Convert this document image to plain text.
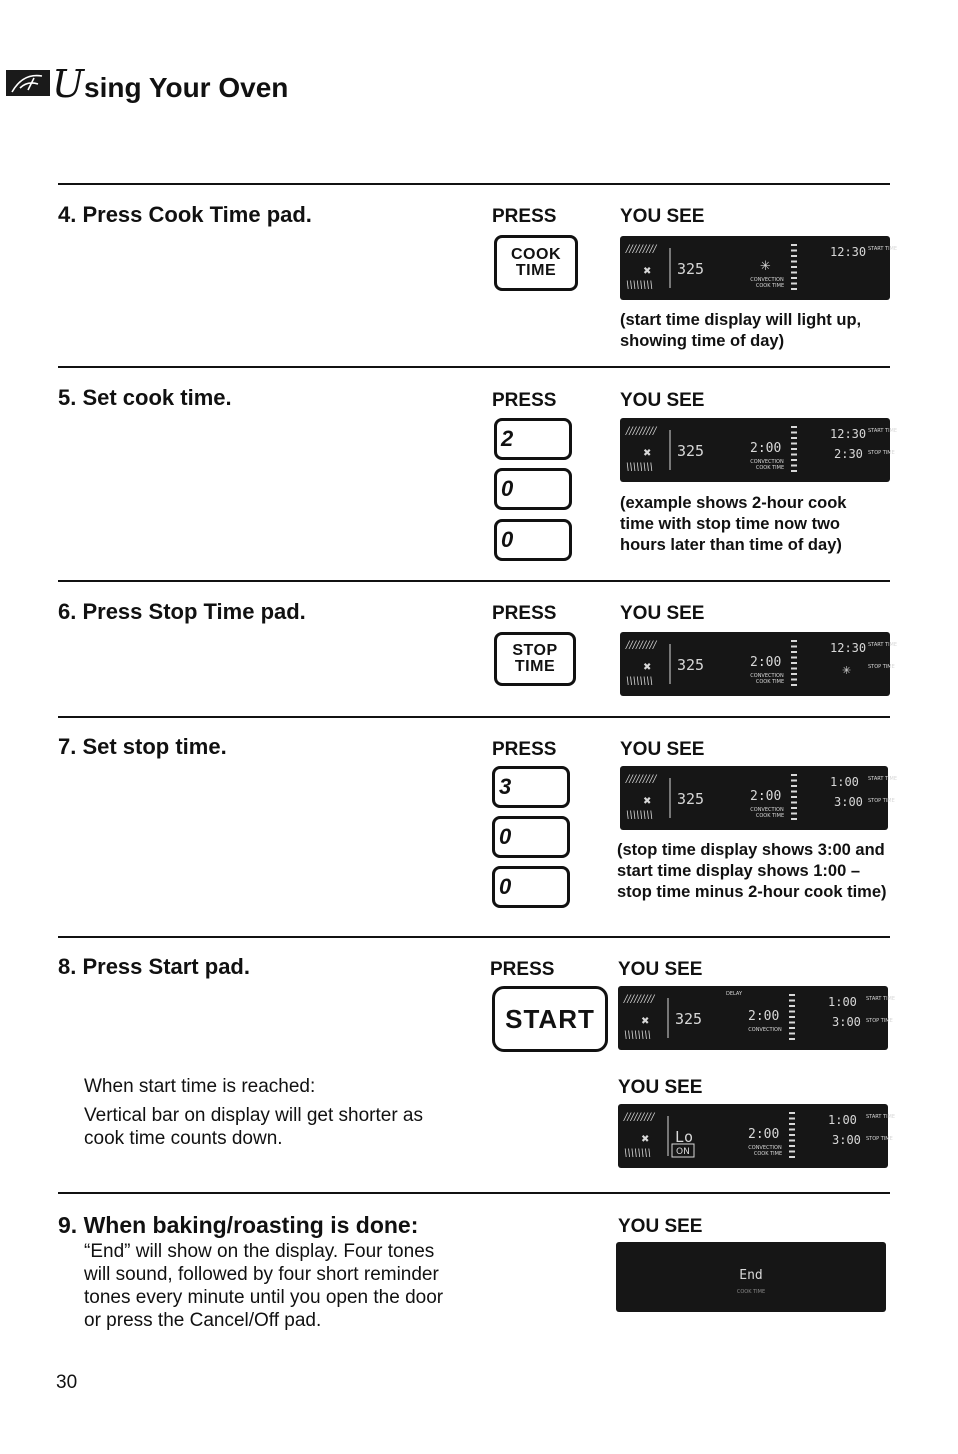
Using Your Oven
4. Press Cook Time pad.	PRESS	YOU SEE
COOK
TIME
/////////
\\\\\\\\
✖ 325	✳
CONVECTION
COOK TIME
12:30 START TIME
(start time display will light up, showing time of day)
5. Set cook time.	PRESS	YOU SEE
2
0
0
/////////
\\\\\\\\
✖ 325	2:00
CONVECTION
COOK TIME
12:30 START TIME
2:30 STOP TIME
(example shows 2-hour cook time with stop time now two hours later than time of day)
6. Press Stop Time pad.	PRESS	YOU SEE
STOP
TIME
/////////
\\\\\\\\
✖ 325	2:00
CONVECTION
COOK TIME
12:30 START TIME
✳	STOP TIME
7. Set stop time.	PRESS	YOU SEE
3
0
0
/////////
\\\\\\\\
✖ 325	2:00
CONVECTION
COOK TIME
1:00 START TIME
3:00 STOP TIME
(stop time display shows 3:00 and start time display shows 1:00 – stop time minus 2-hour cook time)
8. Press Start pad.	PRESS	YOU SEE
START
/////////
\\\\\\\\
✖ 325
DELAY
2:00
CONVECTION
1:00 START TIME
3:00 STOP TIME
When start time is reached:
Vertical bar on display will get shorter as cook time counts down.
YOU SEE
/////////
\\\\\\\\
✖ Lo
ON
2:00
CONVECTION
COOK TIME
1:00 START TIME
3:00 STOP TIME
9. When baking/roasting is done:
“End” will show on the display. Four tones will sound, followed by four short reminder tones every minute until you open the door or press the Cancel/Off pad.
YOU SEE
End
COOK TIME
30
